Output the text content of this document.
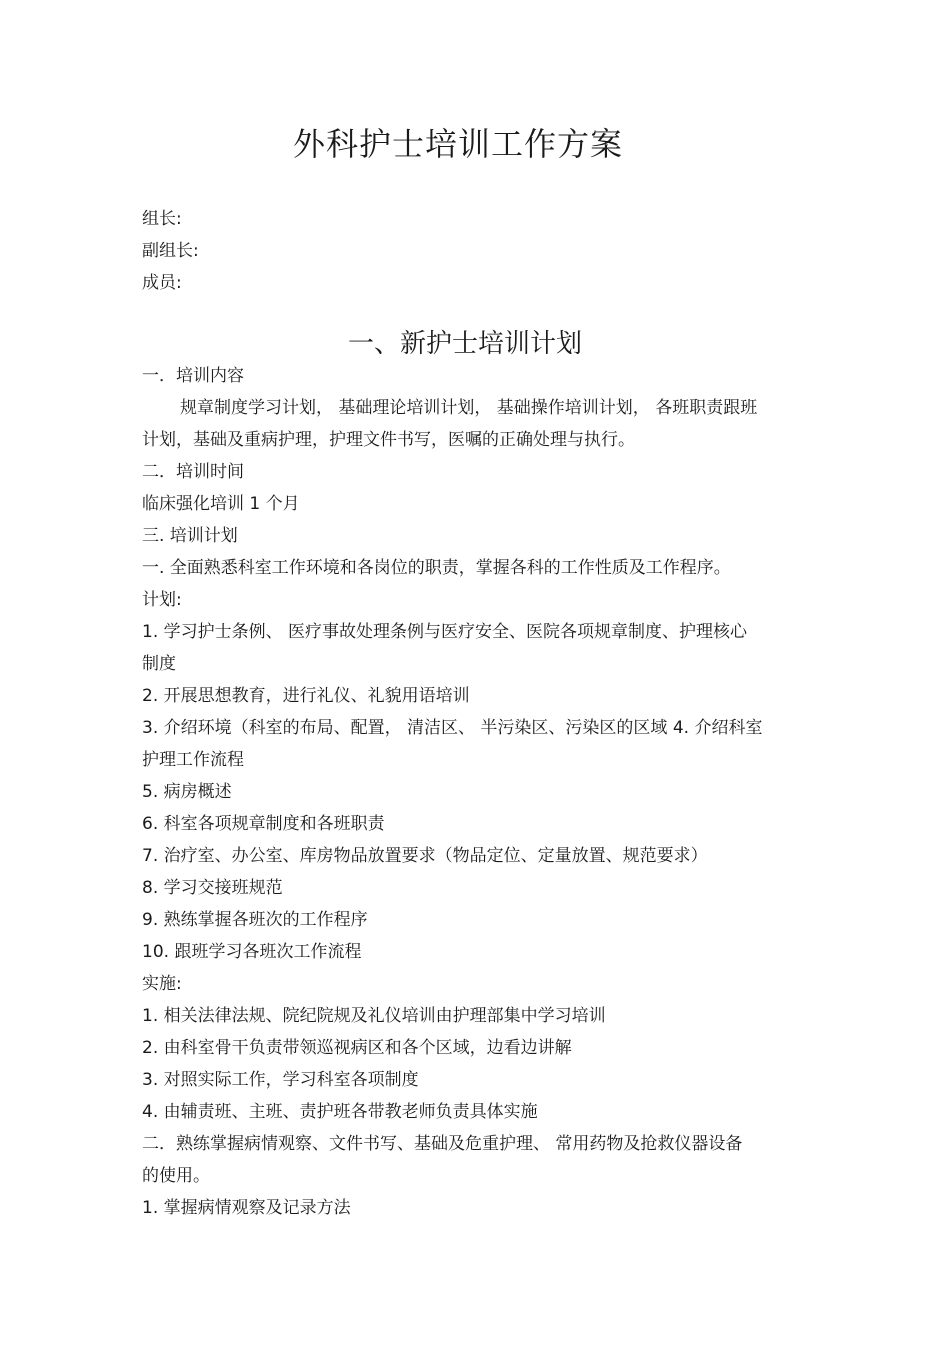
外科护士培训工作方案
组长:
副组长:
成员:
一、新护士培训计划
一．培训内容
规章制度学习计划， 基础理论培训计划， 基础操作培训计划， 各班职责跟班
计划，基础及重病护理，护理文件书写，医嘱的正确处理与执行。
二．培训时间
临床强化培训 1 个月
三. 培训计划
一. 全面熟悉科室工作环境和各岗位的职责，掌握各科的工作性质及工作程序。
计划:
1. 学习护士条例、 医疗事故处理条例与医疗安全、医院各项规章制度、护理核心
制度
2. 开展思想教育，进行礼仪、礼貌用语培训
3. 介绍环境（科室的布局、配置， 清洁区、 半污染区、污染区的区域 4. 介绍科室
护理工作流程
5. 病房概述
6. 科室各项规章制度和各班职责
7. 治疗室、办公室、库房物品放置要求（物品定位、定量放置、规范要求）
8. 学习交接班规范
9. 熟练掌握各班次的工作程序
10. 跟班学习各班次工作流程
实施:
1. 相关法律法规、院纪院规及礼仪培训由护理部集中学习培训
2. 由科室骨干负责带领巡视病区和各个区域，边看边讲解
3. 对照实际工作，学习科室各项制度
4. 由辅责班、主班、责护班各带教老师负责具体实施
二．熟练掌握病情观察、文件书写、基础及危重护理、 常用药物及抢救仪器设备
的使用。
1. 掌握病情观察及记录方法
